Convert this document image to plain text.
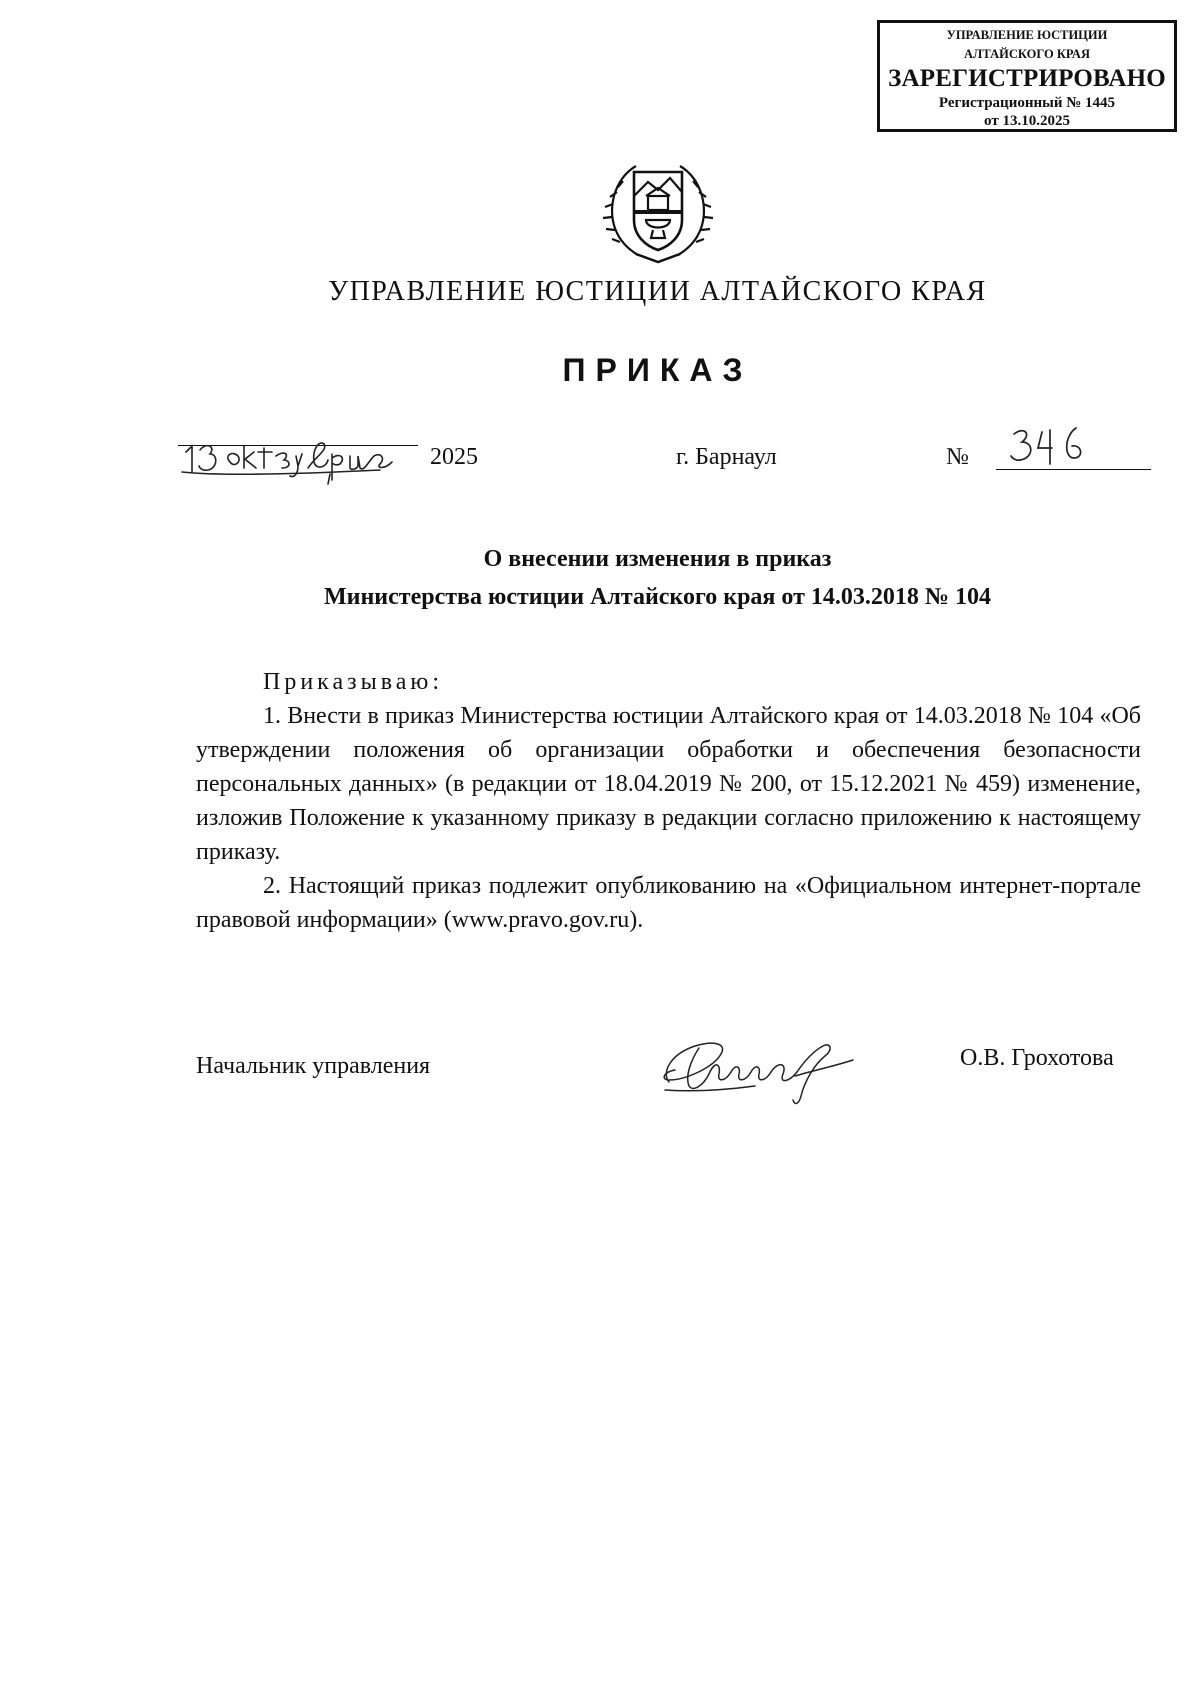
УПРАВЛЕНИЕ ЮСТИЦИИ
АЛТАЙСКОГО КРАЯ
ЗАРЕГИСТРИРОВАНО
Регистрационный № 1445
от 13.10.2025
УПРАВЛЕНИЕ ЮСТИЦИИ АЛТАЙСКОГО КРАЯ
ПРИКАЗ
2025	г. Барнаул	№
О внесении изменения в приказ
Министерства юстиции Алтайского края от 14.03.2018 № 104

Приказываю:

1. Внести в приказ Министерства юстиции Алтайского края от 14.03.2018 № 104 «Об утверждении положения об организации обработки и обеспечения безопасности персональных данных» (в редакции от 18.04.2019 № 200, от 15.12.2021 № 459) изменение, изложив Положение к указанному приказу в редакции согласно приложению к настоящему приказу.

2. Настоящий приказ подлежит опубликованию на «Официальном интернет-портале правовой информации» (www.pravo.gov.ru).

Начальник управления	О.В. Грохотова
